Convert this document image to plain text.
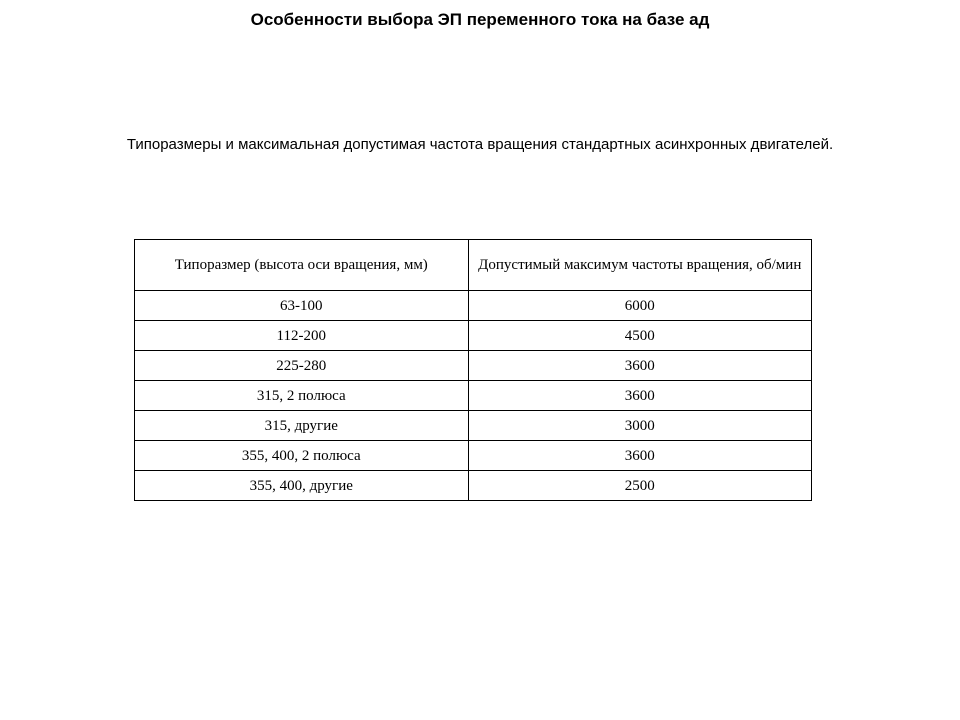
Особенности выбора ЭП переменного тока на базе ад

Типоразмеры и максимальная допустимая частота вращения стандартных асинхронных двигателей.

Типоразмер (высота оси вращения, мм)	Допустимый максимум частоты вращения, об/мин
63-100	6000
112-200	4500
225-280	3600
315, 2 полюса	3600
315, другие	3000
355, 400, 2 полюса	3600
355, 400, другие	2500
